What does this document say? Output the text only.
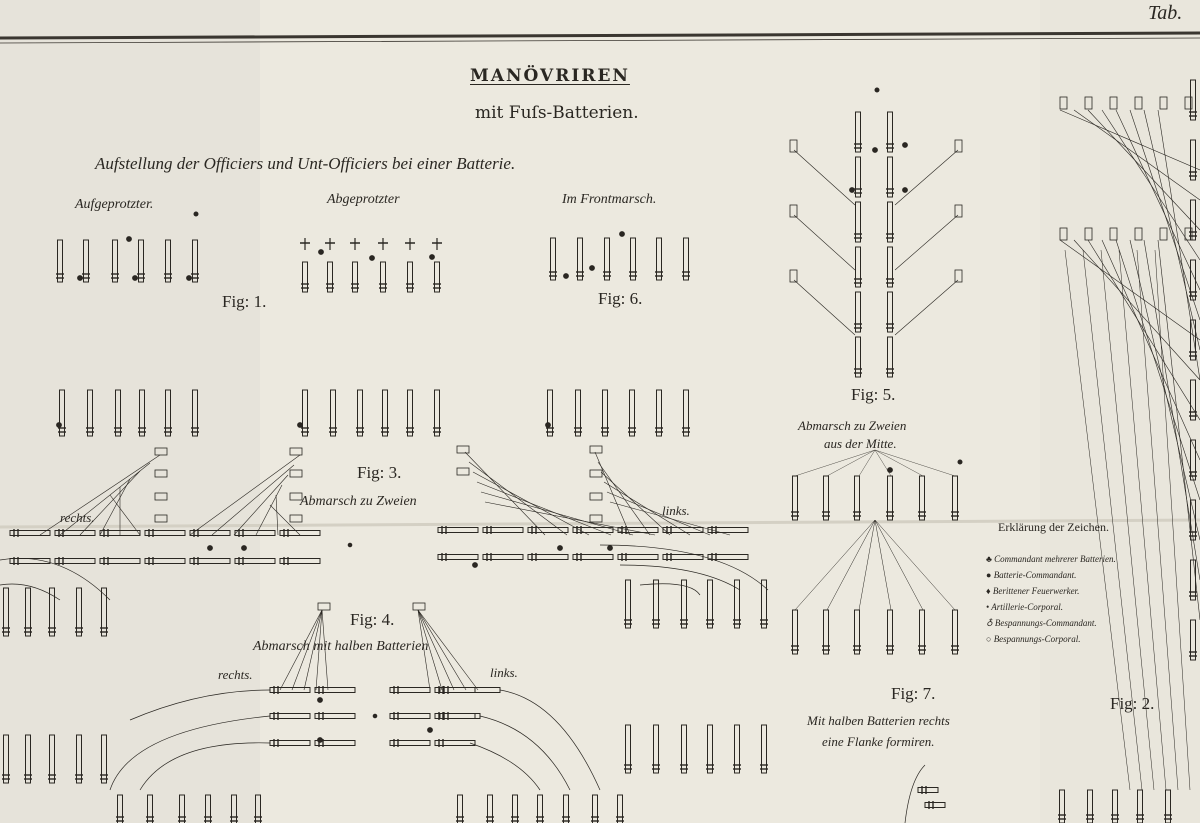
Tab.
MANÖVRIREN
mit Fuſs-Batterien.
Aufstellung der Officiers und Unt-Officiers bei einer Batterie.
Aufgeprotzter.	Abgeprotzter	Im Frontmarsch.
Fig: 1.	Fig: 6.
Fig: 3.
Abmarsch zu Zweien
rechts.	links.
Fig: 4.
Abmarsch mit halben Batterien
rechts.	links.
Fig: 5.
Abmarsch zu Zweien
aus der Mitte.
Fig: 7.
Mit halben Batterien rechts
eine Flanke formiren.
Fig: 2.
Erklärung der Zeichen.
♣ Commandant mehrerer Batterien.
● Batterie-Commandant.
♦ Berittener Feuerwerker.
• Artillerie-Corporal.
♁ Bespannungs-Commandant.
○ Bespannungs-Corporal.
